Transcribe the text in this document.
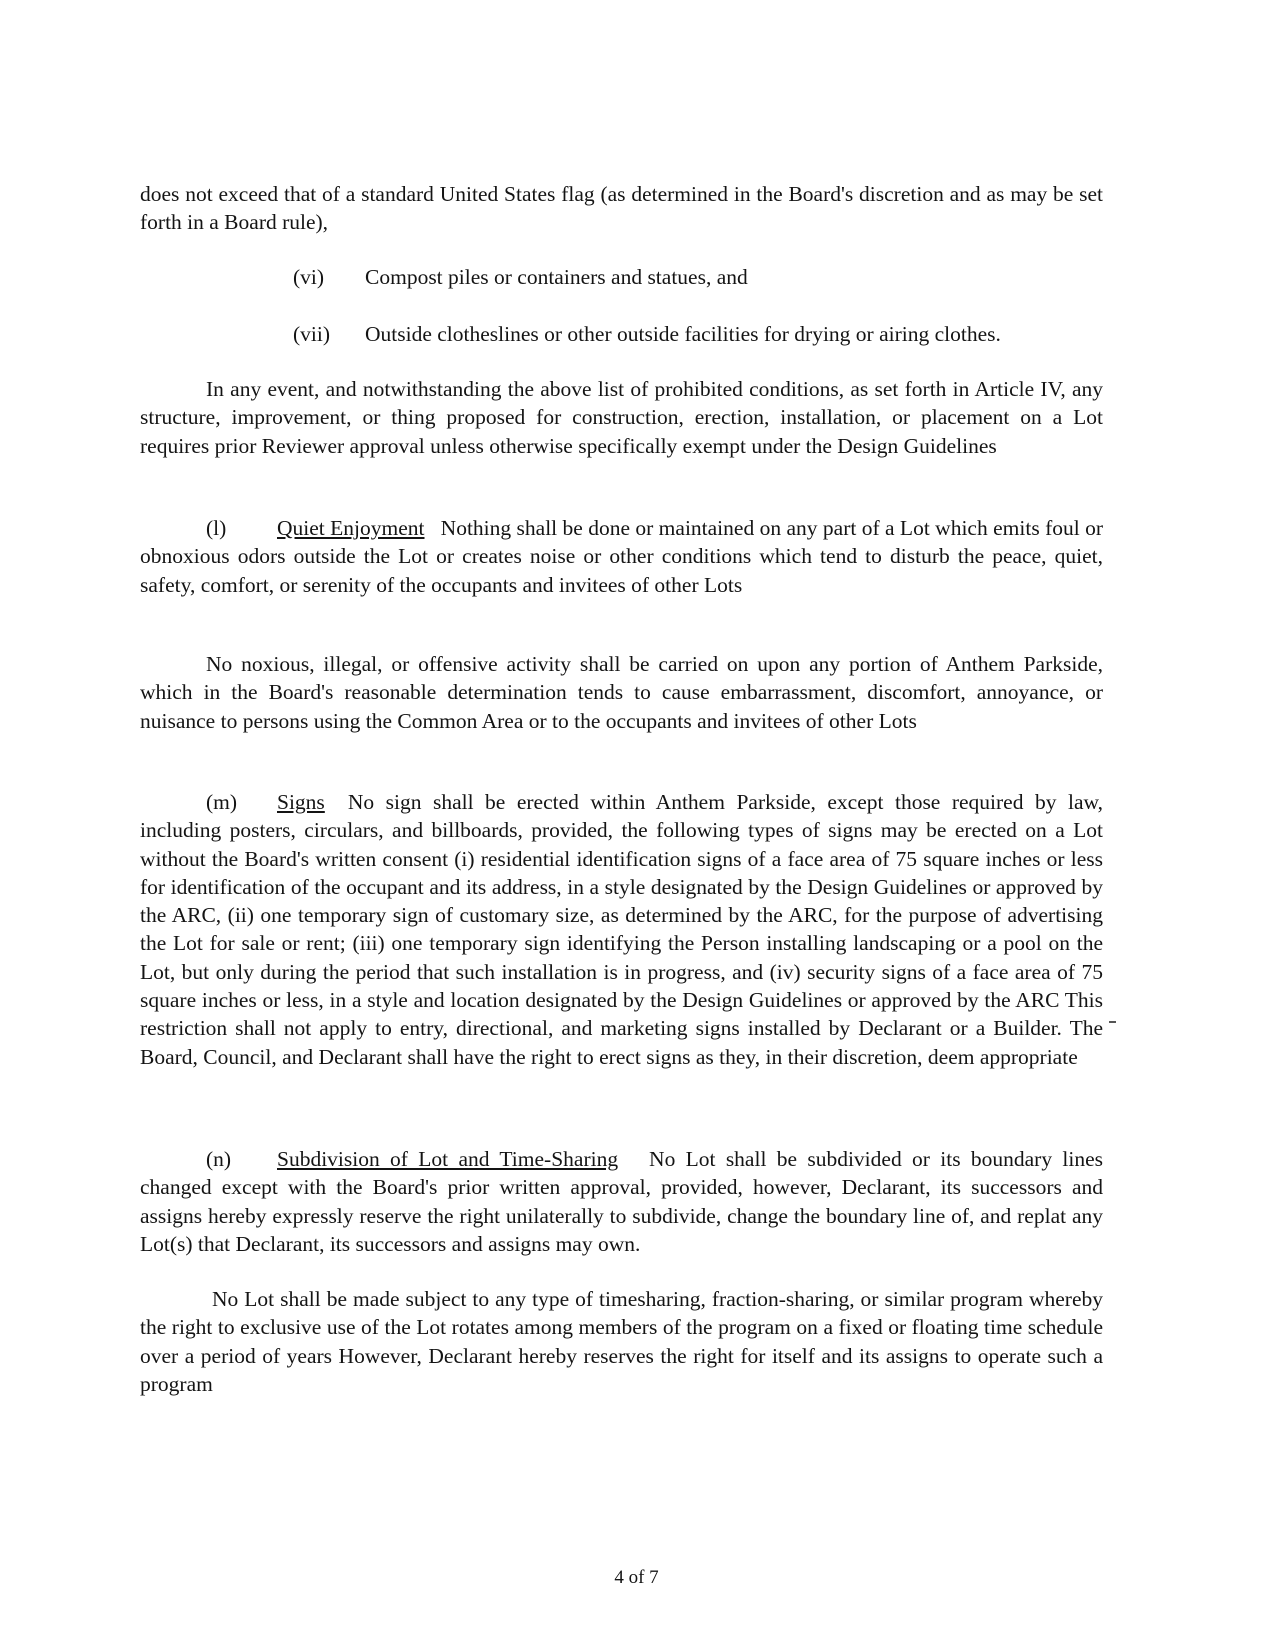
does not exceed that of a standard United States flag (as determined in the Board's discretion and as may be set forth in a Board rule),

(vi) Compost piles or containers and statues, and

(vii) Outside clotheslines or other outside facilities for drying or airing clothes.

In any event, and notwithstanding the above list of prohibited conditions, as set forth in Article IV, any structure, improvement, or thing proposed for construction, erection, installation, or placement on a Lot requires prior Reviewer approval unless otherwise specifically exempt under the Design Guidelines

(l) Quiet Enjoyment Nothing shall be done or maintained on any part of a Lot which emits foul or obnoxious odors outside the Lot or creates noise or other conditions which tend to disturb the peace, quiet, safety, comfort, or serenity of the occupants and invitees of other Lots

No noxious, illegal, or offensive activity shall be carried on upon any portion of Anthem Parkside, which in the Board's reasonable determination tends to cause embarrassment, discomfort, annoyance, or nuisance to persons using the Common Area or to the occupants and invitees of other Lots

(m) Signs No sign shall be erected within Anthem Parkside, except those required by law, including posters, circulars, and billboards, provided, the following types of signs may be erected on a Lot without the Board's written consent (i) residential identification signs of a face area of 75 square inches or less for identification of the occupant and its address, in a style designated by the Design Guidelines or approved by the ARC, (ii) one temporary sign of customary size, as determined by the ARC, for the purpose of advertising the Lot for sale or rent; (iii) one temporary sign identifying the Person installing landscaping or a pool on the Lot, but only during the period that such installation is in progress, and (iv) security signs of a face area of 75 square inches or less, in a style and location designated by the Design Guidelines or approved by the ARC This restriction shall not apply to entry, directional, and marketing signs installed by Declarant or a Builder. The Board, Council, and Declarant shall have the right to erect signs as they, in their discretion, deem appropriate

(n) Subdivision of Lot and Time-Sharing No Lot shall be subdivided or its boundary lines changed except with the Board's prior written approval, provided, however, Declarant, its successors and assigns hereby expressly reserve the right unilaterally to subdivide, change the boundary line of, and replat any Lot(s) that Declarant, its successors and assigns may own.

No Lot shall be made subject to any type of timesharing, fraction-sharing, or similar program whereby the right to exclusive use of the Lot rotates among members of the program on a fixed or floating time schedule over a period of years However, Declarant hereby reserves the right for itself and its assigns to operate such a program

4 of 7
